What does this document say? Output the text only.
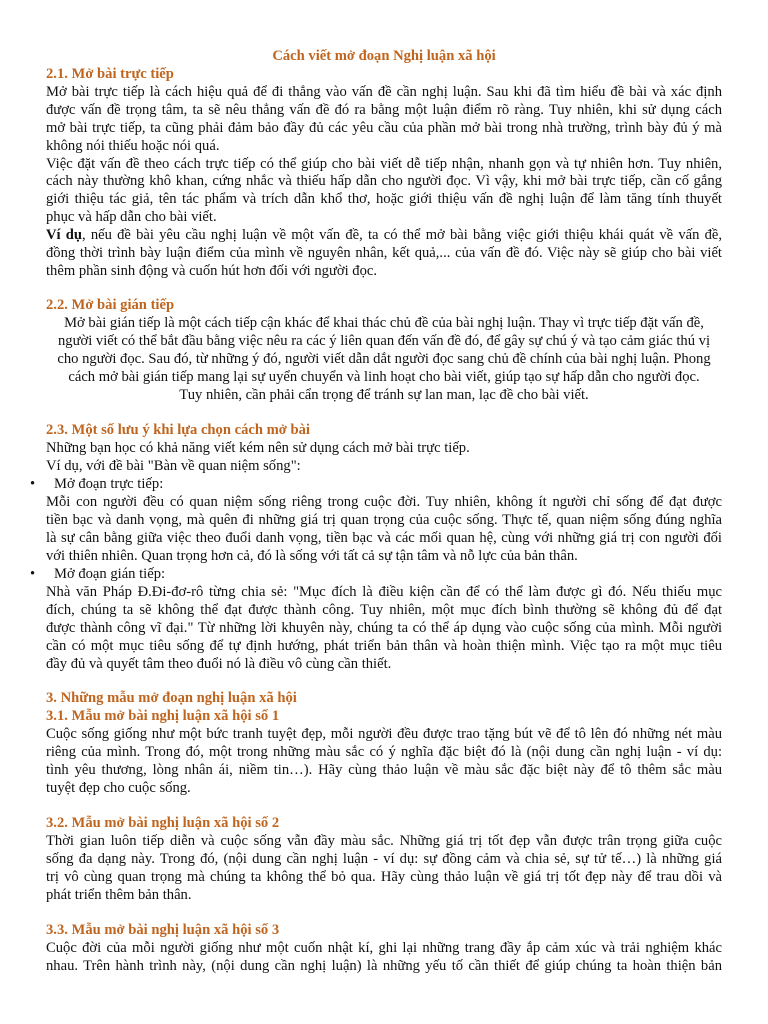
Cách viết mở đoạn Nghị luận xã hội
2.1. Mở bài trực tiếp
Mở bài trực tiếp là cách hiệu quả để đi thẳng vào vấn đề cần nghị luận. Sau khi đã tìm hiểu đề bài và xác định
được vấn đề trọng tâm, ta sẽ nêu thẳng vấn đề đó ra bằng một luận điểm rõ ràng. Tuy nhiên, khi sử dụng cách
mở bài trực tiếp, ta cũng phải đảm bảo đầy đủ các yêu cầu của phần mở bài trong nhà trường, trình bày đủ ý mà
không nói thiếu hoặc nói quá.
Việc đặt vấn đề theo cách trực tiếp có thể giúp cho bài viết dễ tiếp nhận, nhanh gọn và tự nhiên hơn. Tuy nhiên,
cách này thường khô khan, cứng nhắc và thiếu hấp dẫn cho người đọc. Vì vậy, khi mở bài trực tiếp, cần cố gắng
giới thiệu tác giả, tên tác phẩm và trích dẫn khổ thơ, hoặc giới thiệu vấn đề nghị luận để làm tăng tính thuyết
phục và hấp dẫn cho bài viết.
Ví dụ, nếu đề bài yêu cầu nghị luận về một vấn đề, ta có thể mở bài bằng việc giới thiệu khái quát về vấn đề,
đồng thời trình bày luận điểm của mình về nguyên nhân, kết quả,... của vấn đề đó. Việc này sẽ giúp cho bài viết
thêm phần sinh động và cuốn hút hơn đối với người đọc.
2.2. Mở bài gián tiếp
Mở bài gián tiếp là một cách tiếp cận khác để khai thác chủ đề của bài nghị luận. Thay vì trực tiếp đặt vấn đề,
người viết có thể bắt đầu bằng việc nêu ra các ý liên quan đến vấn đề đó, để gây sự chú ý và tạo cảm giác thú vị
cho người đọc. Sau đó, từ những ý đó, người viết dẫn dắt người đọc sang chủ đề chính của bài nghị luận. Phong
cách mở bài gián tiếp mang lại sự uyển chuyển và linh hoạt cho bài viết, giúp tạo sự hấp dẫn cho người đọc.
Tuy nhiên, cần phải cẩn trọng để tránh sự lan man, lạc đề cho bài viết.
2.3. Một số lưu ý khi lựa chọn cách mở bài
Những bạn học có khả năng viết kém nên sử dụng cách mở bài trực tiếp.
Ví dụ, với đề bài "Bàn về quan niệm sống":
• Mở đoạn trực tiếp:
Mỗi con người đều có quan niệm sống riêng trong cuộc đời. Tuy nhiên, không ít người chỉ sống để đạt được
tiền bạc và danh vọng, mà quên đi những giá trị quan trọng của cuộc sống. Thực tế, quan niệm sống đúng nghĩa
là sự cân bằng giữa việc theo đuổi danh vọng, tiền bạc và các mối quan hệ, cùng với những giá trị con người đối
với thiên nhiên. Quan trọng hơn cả, đó là sống với tất cả sự tận tâm và nỗ lực của bản thân.
• Mở đoạn gián tiếp:
Nhà văn Pháp Đ.Đi-đơ-rô từng chia sẻ: "Mục đích là điều kiện cần để có thể làm được gì đó. Nếu thiếu mục
đích, chúng ta sẽ không thể đạt được thành công. Tuy nhiên, một mục đích bình thường sẽ không đủ để đạt
được thành công vĩ đại." Từ những lời khuyên này, chúng ta có thể áp dụng vào cuộc sống của mình. Mỗi người
cần có một mục tiêu sống để tự định hướng, phát triển bản thân và hoàn thiện mình. Việc tạo ra một mục tiêu
đầy đủ và quyết tâm theo đuổi nó là điều vô cùng cần thiết.
3. Những mẫu mở đoạn nghị luận xã hội
3.1. Mẫu mở bài nghị luận xã hội số 1
Cuộc sống giống như một bức tranh tuyệt đẹp, mỗi người đều được trao tặng bút vẽ để tô lên đó những nét màu
riêng của mình. Trong đó, một trong những màu sắc có ý nghĩa đặc biệt đó là (nội dung cần nghị luận - ví dụ:
tình yêu thương, lòng nhân ái, niềm tin…). Hãy cùng thảo luận về màu sắc đặc biệt này để tô thêm sắc màu
tuyệt đẹp cho cuộc sống.
3.2. Mẫu mở bài nghị luận xã hội số 2
Thời gian luôn tiếp diễn và cuộc sống vẫn đầy màu sắc. Những giá trị tốt đẹp vẫn được trân trọng giữa cuộc
sống đa dạng này. Trong đó, (nội dung cần nghị luận - ví dụ: sự đồng cảm và chia sẻ, sự tử tế…) là những giá
trị vô cùng quan trọng mà chúng ta không thể bỏ qua. Hãy cùng thảo luận về giá trị tốt đẹp này để trau dồi và
phát triển thêm bản thân.
3.3. Mẫu mở bài nghị luận xã hội số 3
Cuộc đời của mỗi người giống như một cuốn nhật kí, ghi lại những trang đầy ắp cảm xúc và trải nghiệm khác
nhau. Trên hành trình này, (nội dung cần nghị luận) là những yếu tố cần thiết để giúp chúng ta hoàn thiện bản
